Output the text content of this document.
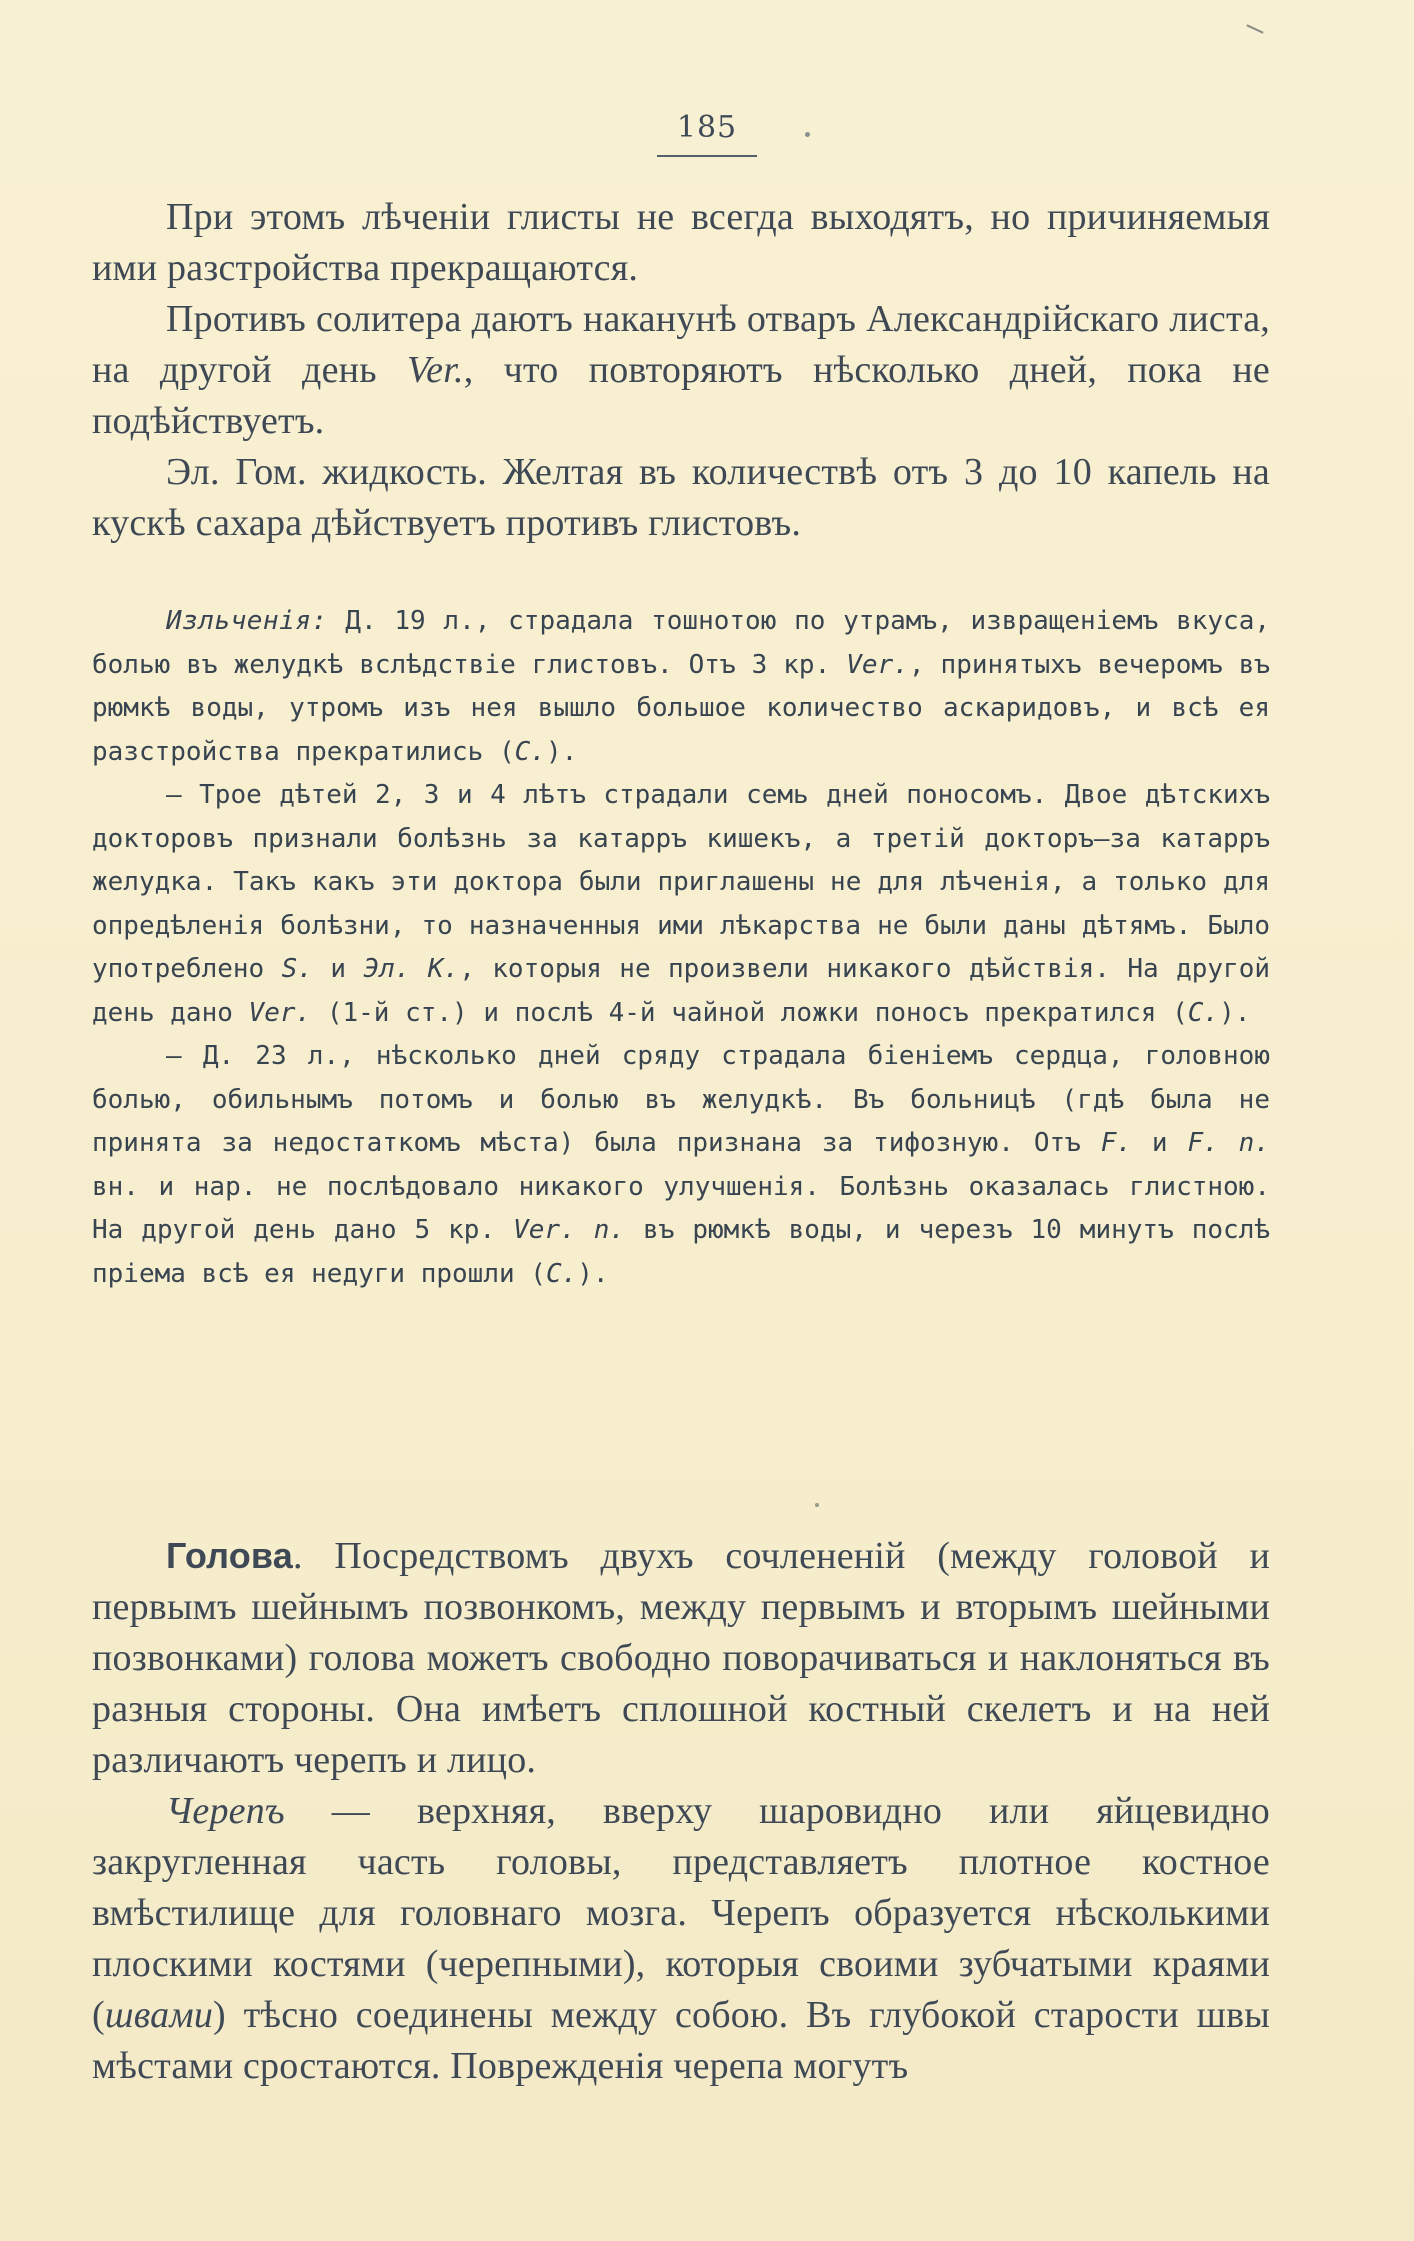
185

При этомъ лѣченіи глисты не всегда выходятъ, но причиняемыя ими разстройства прекращаются.

Противъ солитера даютъ наканунѣ отваръ Александрійскаго листа, на другой день Ver., что повторяютъ нѣсколько дней, пока не подѣйствуетъ.

Эл. Гом. жидкость. Желтая въ количествѣ отъ 3 до 10 капель на кускѣ сахара дѣйствуетъ противъ глистовъ.

Изльченія: Д. 19 л., страдала тошнотою по утрамъ, извращеніемъ вкуса, болью въ желудкѣ вслѣдствіе глистовъ. Отъ 3 кр. Ver., принятыхъ вечеромъ въ рюмкѣ воды, утромъ изъ нея вышло большое количество аскаридовъ, и всѣ ея разстройства прекратились (С.).

— Трое дѣтей 2, 3 и 4 лѣтъ страдали семь дней поносомъ. Двое дѣтскихъ докторовъ признали болѣзнь за катарръ кишекъ, а третій докторъ—за катарръ желудка. Такъ какъ эти доктора были приглашены не для лѣченія, а только для опредѣленія болѣзни, то назначенныя ими лѣкарства не были даны дѣтямъ. Было употреблено S. и Эл. К., которыя не произвели никакого дѣйствія. На другой день дано Ver. (1-й ст.) и послѣ 4-й чайной ложки поносъ прекратился (С.).

— Д. 23 л., нѣсколько дней сряду страдала біеніемъ сердца, головною болью, обильнымъ потомъ и болью въ желудкѣ. Въ больницѣ (гдѣ была не принята за недостаткомъ мѣста) была признана за тифозную. Отъ F. и F. n. вн. и нар. не послѣдовало никакого улучшенія. Болѣзнь оказалась глистною. На другой день дано 5 кр. Ver. n. въ рюмкѣ воды, и черезъ 10 минутъ послѣ пріема всѣ ея недуги прошли (С.).

Голова. Посредствомъ двухъ сочлененій (между головой и первымъ шейнымъ позвонкомъ, между первымъ и вторымъ шейными позвонками) голова можетъ свободно поворачиваться и наклоняться въ разныя стороны. Она имѣетъ сплошной костный скелетъ и на ней различаютъ черепъ и лицо.

Черепъ — верхняя, вверху шаровидно или яйцевидно закругленная часть головы, представляетъ плотное костное вмѣстилище для головнаго мозга. Черепъ образуется нѣсколькими плоскими костями (черепными), которыя своими зубчатыми краями (швами) тѣсно соединены между собою. Въ глубокой старости швы мѣстами сростаются. Поврежденія черепа могутъ
